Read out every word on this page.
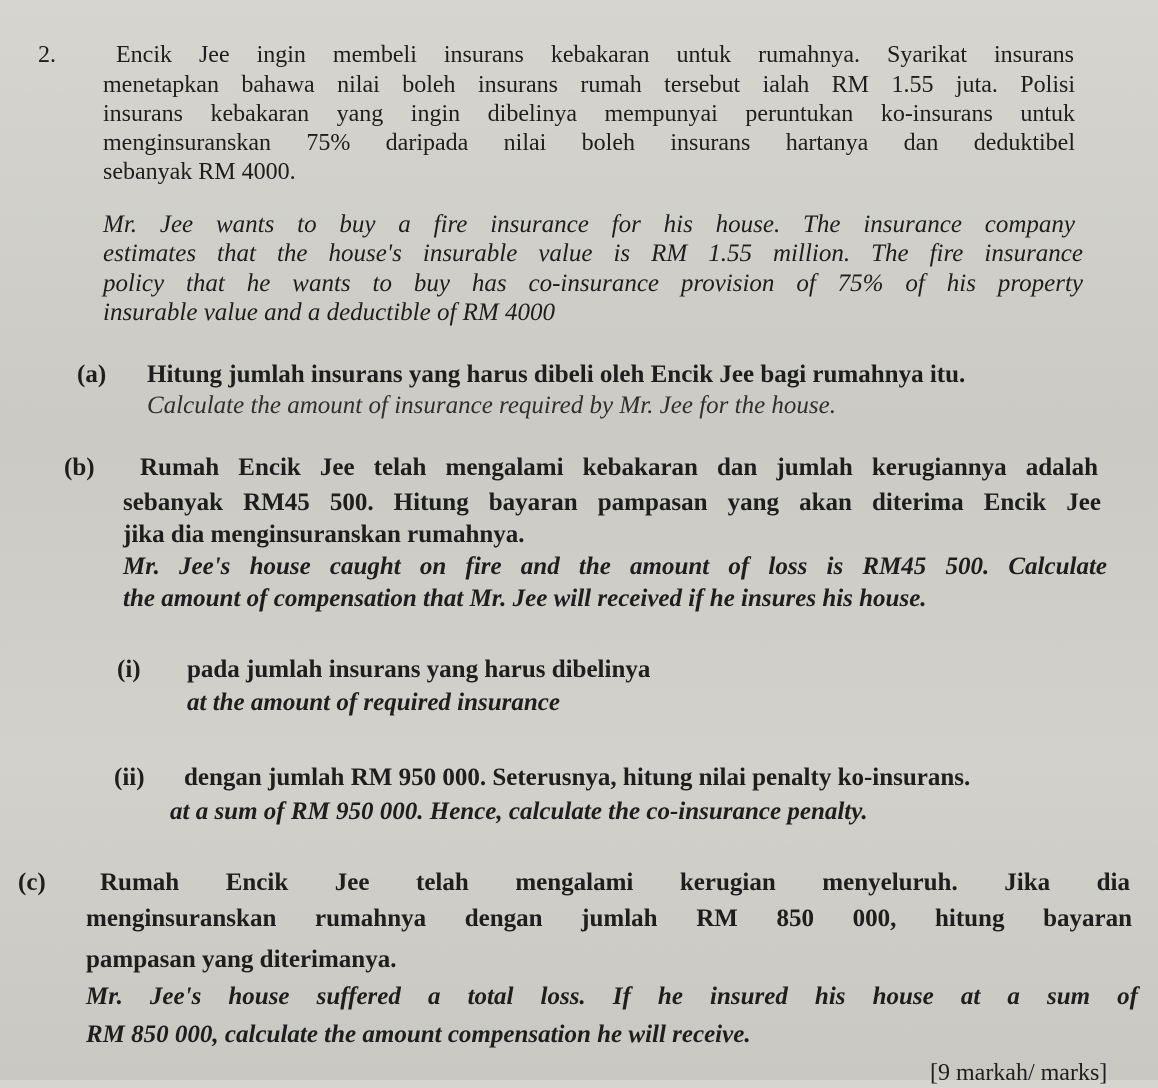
2.	Encik Jee ingin membeli insurans kebakaran untuk rumahnya. Syarikat insurans
menetapkan bahawa nilai boleh insurans rumah tersebut ialah RM 1.55 juta. Polisi
insurans kebakaran yang ingin dibelinya mempunyai peruntukan ko-insurans untuk
menginsuranskan 75% daripada nilai boleh insurans hartanya dan deduktibel
sebanyak RM 4000.
Mr. Jee wants to buy a fire insurance for his house. The insurance company
estimates that the house's insurable value is RM 1.55 million. The fire insurance
policy that he wants to buy has co-insurance provision of 75% of his property
insurable value and a deductible of RM 4000
(a) Hitung jumlah insurans yang harus dibeli oleh Encik Jee bagi rumahnya itu.
Calculate the amount of insurance required by Mr. Jee for the house.
(b) Rumah Encik Jee telah mengalami kebakaran dan jumlah kerugiannya adalah
sebanyak RM45 500. Hitung bayaran pampasan yang akan diterima Encik Jee
jika dia menginsuranskan rumahnya.
Mr. Jee's house caught on fire and the amount of loss is RM45 500. Calculate
the amount of compensation that Mr. Jee will received if he insures his house.
(i) pada jumlah insurans yang harus dibelinya
at the amount of required insurance
(ii) dengan jumlah RM 950 000. Seterusnya, hitung nilai penalty ko-insurans.
at a sum of RM 950 000. Hence, calculate the co-insurance penalty.
(c) Rumah Encik Jee telah mengalami kerugian menyeluruh. Jika dia
menginsuranskan rumahnya dengan jumlah RM 850 000, hitung bayaran
pampasan yang diterimanya.
Mr. Jee's house suffered a total loss. If he insured his house at a sum of
RM 850 000, calculate the amount compensation he will receive.
[9 markah/ marks]
